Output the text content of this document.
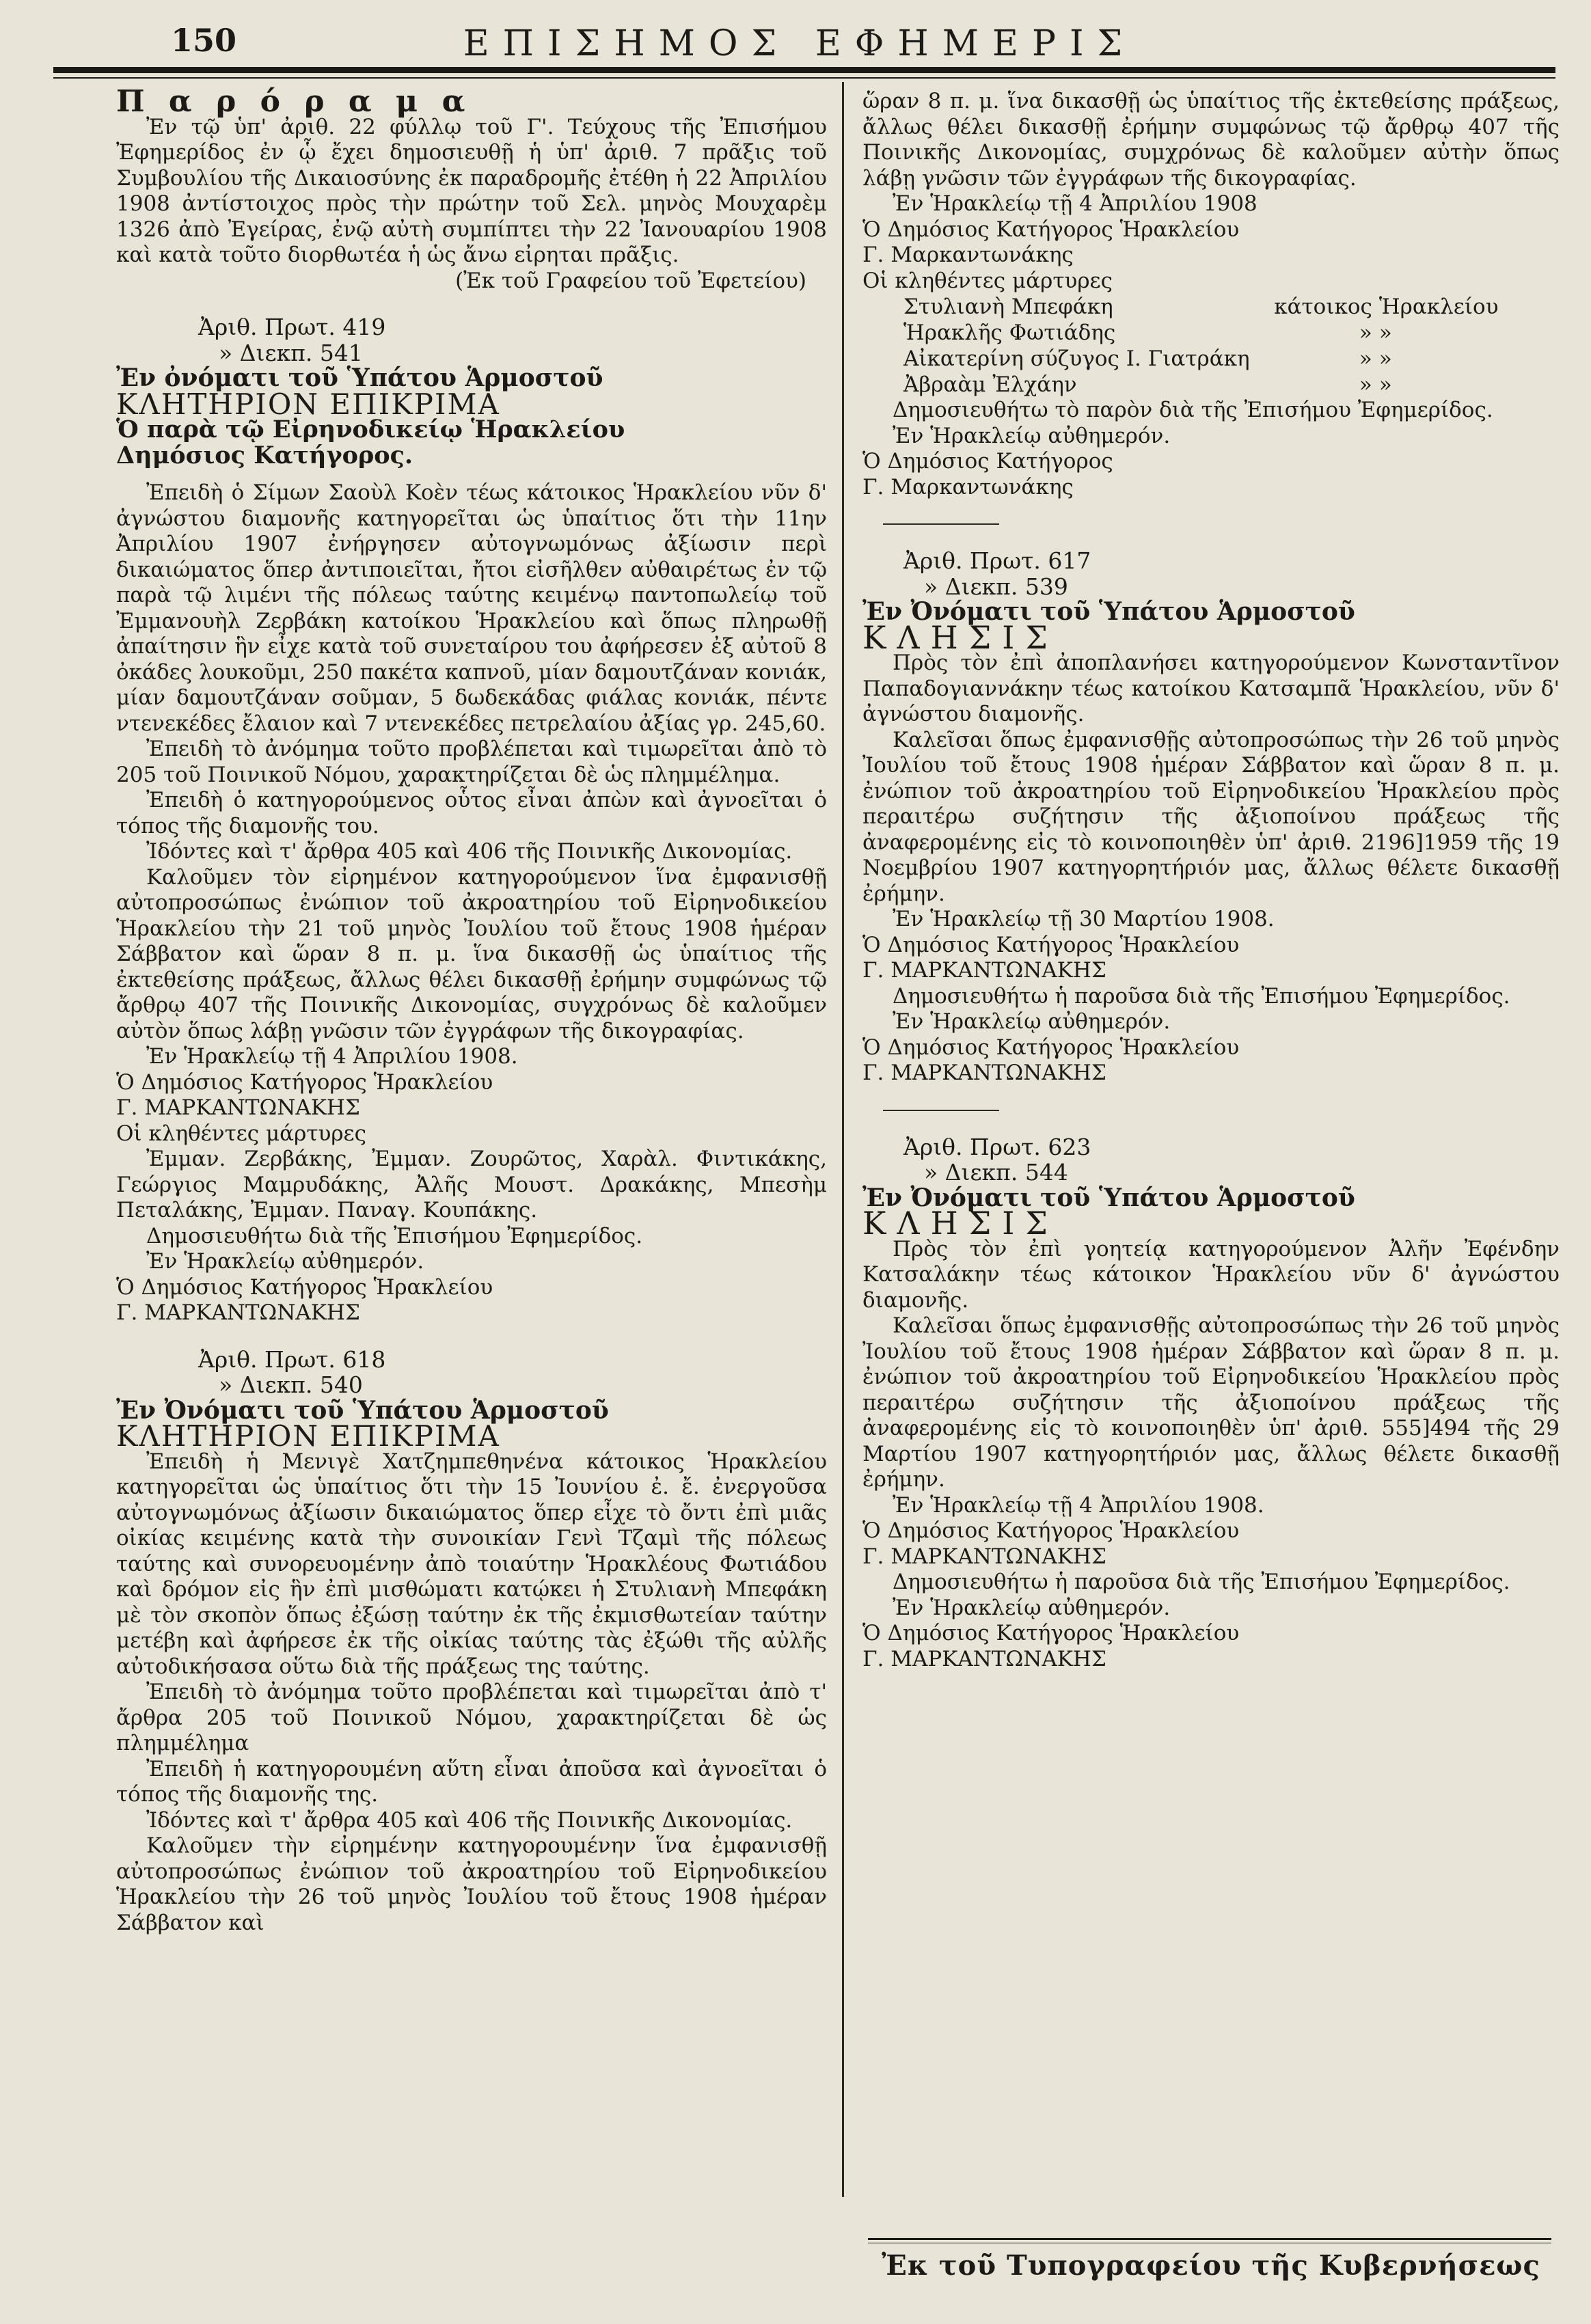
150	ΕΠΙΣΗΜΟΣ ΕΦΗΜΕΡΙΣ

Π α ρ ό ρ α μ α

Ἐν τῷ ὑπ' ἀριθ. 22 φύλλῳ τοῦ Γ'. Τεύχους τῆς Ἐπισήμου Ἐφημερίδος ἐν ᾧ ἔχει δημοσιευθῇ ἡ ὑπ' ἀριθ. 7 πρᾶξις τοῦ Συμβουλίου τῆς Δικαιοσύνης ἐκ παραδρομῆς ἐτέθη ἡ 22 Ἀπριλίου 1908 ἀντίστοιχος πρὸς τὴν πρώτην τοῦ Σελ. μηνὸς Μουχαρὲμ 1326 ἀπὸ Ἐγείρας, ἐνῷ αὐτὴ συμπίπτει τὴν 22 Ἰανουαρίου 1908 καὶ κατὰ τοῦτο διορθωτέα ἡ ὡς ἄνω εἰρηται πρᾶξις.

(Ἐκ τοῦ Γραφείου τοῦ Ἐφετείου)

Ἀριθ. Πρωτ. 419

» Διεκπ. 541

Ἐν ὀνόματι τοῦ Ὑπάτου Ἁρμοστοῦ

ΚΛΗΤΗΡΙΟΝ ΕΠΙΚΡΙΜΑ

Ὁ παρὰ τῷ Εἰρηνοδικείῳ Ἡρακλείου

Δημόσιος Κατήγορος.

Ἐπειδὴ ὁ Σίμων Σαοὺλ Κοὲν τέως κάτοικος Ἡρακλείου νῦν δ' ἀγνώστου διαμονῆς κατηγορεῖται ὡς ὑπαίτιος ὅτι τὴν 11ην Ἀπριλίου 1907 ἐνήργησεν αὐτογνωμόνως ἀξίωσιν περὶ δικαιώματος ὅπερ ἀντιποιεῖται, ἤτοι εἰσῆλθεν αὐθαιρέτως ἐν τῷ παρὰ τῷ λιμένι τῆς πόλεως ταύτης κειμένῳ παντοπωλείῳ τοῦ Ἐμμανουὴλ Ζερβάκη κατοίκου Ἡρακλείου καὶ ὅπως πληρωθῇ ἀπαίτησιν ἣν εἶχε κατὰ τοῦ συνεταίρου του ἀφήρεσεν ἐξ αὐτοῦ 8 ὀκάδες λουκοῦμι, 250 πακέτα καπνοῦ, μίαν δαμουτζάναν κονιάκ, μίαν δαμουτζάναν σοῦμαν, 5 δωδεκάδας φιάλας κονιάκ, πέντε ντενεκέδες ἔλαιον καὶ 7 ντενεκέδες πετρελαίου ἀξίας γρ. 245,60.

Ἐπειδὴ τὸ ἀνόμημα τοῦτο προβλέπεται καὶ τιμωρεῖται ἀπὸ τὸ 205 τοῦ Ποινικοῦ Νόμου, χαρακτηρίζεται δὲ ὡς πλημμέλημα.

Ἐπειδὴ ὁ κατηγορούμενος οὗτος εἶναι ἀπὼν καὶ ἀγνοεῖται ὁ τόπος τῆς διαμονῆς του.

Ἰδόντες καὶ τ' ἄρθρα 405 καὶ 406 τῆς Ποινικῆς Δικονομίας.

Καλοῦμεν τὸν εἰρημένον κατηγορούμενον ἵνα ἐμφανισθῇ αὐτοπροσώπως ἐνώπιον τοῦ ἀκροατηρίου τοῦ Εἰρηνοδικείου Ἡρακλείου τὴν 21 τοῦ μηνὸς Ἰουλίου τοῦ ἔτους 1908 ἡμέραν Σάββατον καὶ ὥραν 8 π. μ. ἵνα δικασθῇ ὡς ὑπαίτιος τῆς ἐκτεθείσης πράξεως, ἄλλως θέλει δικασθῇ ἐρήμην συμφώνως τῷ ἄρθρῳ 407 τῆς Ποινικῆς Δικονομίας, συγχρόνως δὲ καλοῦμεν αὐτὸν ὅπως λάβῃ γνῶσιν τῶν ἐγγράφων τῆς δικογραφίας.

Ἐν Ἡρακλείῳ τῇ 4 Ἀπριλίου 1908.

Ὁ Δημόσιος Κατήγορος Ἡρακλείου

Γ. ΜΑΡΚΑΝΤΩΝΑΚΗΣ

Οἱ κληθέντες μάρτυρες

Ἐμμαν. Ζερβάκης, Ἐμμαν. Ζουρῶτος, Χαρὰλ. Φιντικάκης, Γεώργιος Μαμρυδάκης, Ἀλῆς Μουστ. Δρακάκης, Μπεσὴμ Πεταλάκης, Ἐμμαν. Παναγ. Κουπάκης.

Δημοσιευθήτω διὰ τῆς Ἐπισήμου Ἐφημερίδος.

Ἐν Ἡρακλείῳ αὐθημερόν.

Ὁ Δημόσιος Κατήγορος Ἡρακλείου

Γ. ΜΑΡΚΑΝΤΩΝΑΚΗΣ

Ἀριθ. Πρωτ. 618

» Διεκπ. 540

Ἐν Ὀνόματι τοῦ Ὑπάτου Ἁρμοστοῦ

ΚΛΗΤΗΡΙΟΝ ΕΠΙΚΡΙΜΑ

Ἐπειδὴ ἡ Μενιγὲ Χατζημπεθηνένα κάτοικος Ἡρακλείου κατηγορεῖται ὡς ὑπαίτιος ὅτι τὴν 15 Ἰουνίου ἐ. ἔ. ἐνεργοῦσα αὐτογνωμόνως ἀξίωσιν δικαιώματος ὅπερ εἶχε τὸ ὄντι ἐπὶ μιᾶς οἰκίας κειμένης κατὰ τὴν συνοικίαν Γενὶ Τζαμὶ τῆς πόλεως ταύτης καὶ συνορευομένην ἀπὸ τοιαύτην Ἡρακλέους Φωτιάδου καὶ δρόμον εἰς ἣν ἐπὶ μισθώματι κατῴκει ἡ Στυλιανὴ Μπεφάκη μὲ τὸν σκοπὸν ὅπως ἐξώσῃ ταύτην ἐκ τῆς ἐκμισθωτείαν ταύτην μετέβη καὶ ἀφήρεσε ἐκ τῆς οἰκίας ταύτης τὰς ἐξώθι τῆς αὐλῆς αὐτοδικήσασα οὕτω διὰ τῆς πράξεως της ταύτης.

Ἐπειδὴ τὸ ἀνόμημα τοῦτο προβλέπεται καὶ τιμωρεῖται ἀπὸ τ' ἄρθρα 205 τοῦ Ποινικοῦ Νόμου, χαρακτηρίζεται δὲ ὡς πλημμέλημα

Ἐπειδὴ ἡ κατηγορουμένη αὕτη εἶναι ἀποῦσα καὶ ἀγνοεῖται ὁ τόπος τῆς διαμονῆς της.

Ἰδόντες καὶ τ' ἄρθρα 405 καὶ 406 τῆς Ποινικῆς Δικονομίας.

Καλοῦμεν τὴν εἰρημένην κατηγορουμένην ἵνα ἐμφανισθῇ αὐτοπροσώπως ἐνώπιον τοῦ ἀκροατηρίου τοῦ Εἰρηνοδικείου Ἡρακλείου τὴν 26 τοῦ μηνὸς Ἰουλίου τοῦ ἔτους 1908 ἡμέραν Σάββατον καὶ

ὥραν 8 π. μ. ἵνα δικασθῇ ὡς ὑπαίτιος τῆς ἐκτεθείσης πράξεως, ἄλλως θέλει δικασθῇ ἐρήμην συμφώνως τῷ ἄρθρῳ 407 τῆς Ποινικῆς Δικονομίας, συμχρόνως δὲ καλοῦμεν αὐτὴν ὅπως λάβῃ γνῶσιν τῶν ἐγγράφων τῆς δικογραφίας.

Ἐν Ἡρακλείῳ τῇ 4 Ἀπριλίου 1908

Ὁ Δημόσιος Κατήγορος Ἡρακλείου

Γ. Μαρκαντωνάκης

Οἱ κληθέντες μάρτυρες

Στυλιανὴ Μπεφάκη	κάτοικος	Ἡρακλείου
Ἡρακλῆς Φωτιάδης	»	»
Αἰκατερίνη σύζυγος Ι. Γιατράκη	»	»
Ἀβραὰμ Ἐλχάην	»	»

Δημοσιευθήτω τὸ παρὸν διὰ τῆς Ἐπισήμου Ἐφημερίδος.

Ἐν Ἡρακλείῳ αὐθημερόν.

Ὁ Δημόσιος Κατήγορος

Γ. Μαρκαντωνάκης

Ἀριθ. Πρωτ. 617

» Διεκπ. 539

Ἐν Ὀνόματι τοῦ Ὑπάτου Ἁρμοστοῦ

ΚΛΗΣΙΣ

Πρὸς τὸν ἐπὶ ἀποπλανήσει κατηγορούμενον Κωνσταντῖνον Παπαδογιαννάκην τέως κατοίκου Κατσαμπᾶ Ἡρακλείου, νῦν δ' ἀγνώστου διαμονῆς.

Καλεῖσαι ὅπως ἐμφανισθῇς αὐτοπροσώπως τὴν 26 τοῦ μηνὸς Ἰουλίου τοῦ ἔτους 1908 ἡμέραν Σάββατον καὶ ὥραν 8 π. μ. ἐνώπιον τοῦ ἀκροατηρίου τοῦ Εἰρηνοδικείου Ἡρακλείου πρὸς περαιτέρω συζήτησιν τῆς ἀξιοποίνου πράξεως τῆς ἀναφερομένης εἰς τὸ κοινοποιηθὲν ὑπ' ἀριθ. 2196]1959 τῆς 19 Νοεμβρίου 1907 κατηγορητήριόν μας, ἄλλως θέλετε δικασθῇ ἐρήμην.

Ἐν Ἡρακλείῳ τῇ 30 Μαρτίου 1908.

Ὁ Δημόσιος Κατήγορος Ἡρακλείου

Γ. ΜΑΡΚΑΝΤΩΝΑΚΗΣ

Δημοσιευθήτω ἡ παροῦσα διὰ τῆς Ἐπισήμου Ἐφημερίδος.

Ἐν Ἡρακλείῳ αὐθημερόν.

Ὁ Δημόσιος Κατήγορος Ἡρακλείου

Γ. ΜΑΡΚΑΝΤΩΝΑΚΗΣ

Ἀριθ. Πρωτ. 623

» Διεκπ. 544

Ἐν Ὀνόματι τοῦ Ὑπάτου Ἁρμοστοῦ

ΚΛΗΣΙΣ

Πρὸς τὸν ἐπὶ γοητείᾳ κατηγορούμενον Ἀλῆν Ἐφένδην Κατσαλάκην τέως κάτοικον Ἡρακλείου νῦν δ' ἀγνώστου διαμονῆς.

Καλεῖσαι ὅπως ἐμφανισθῇς αὐτοπροσώπως τὴν 26 τοῦ μηνὸς Ἰουλίου τοῦ ἔτους 1908 ἡμέραν Σάββατον καὶ ὥραν 8 π. μ. ἐνώπιον τοῦ ἀκροατηρίου τοῦ Εἰρηνοδικείου Ἡρακλείου πρὸς περαιτέρω συζήτησιν τῆς ἀξιοποίνου πράξεως τῆς ἀναφερομένης εἰς τὸ κοινοποιηθὲν ὑπ' ἀριθ. 555]494 τῆς 29 Μαρτίου 1907 κατηγορητήριόν μας, ἄλλως θέλετε δικασθῇ ἐρήμην.

Ἐν Ἡρακλείῳ τῇ 4 Ἀπριλίου 1908.

Ὁ Δημόσιος Κατήγορος Ἡρακλείου

Γ. ΜΑΡΚΑΝΤΩΝΑΚΗΣ

Δημοσιευθήτω ἡ παροῦσα διὰ τῆς Ἐπισήμου Ἐφημερίδος.

Ἐν Ἡρακλείῳ αὐθημερόν.

Ὁ Δημόσιος Κατήγορος Ἡρακλείου

Γ. ΜΑΡΚΑΝΤΩΝΑΚΗΣ

Ἐκ τοῦ Τυπογραφείου τῆς Κυβερνήσεως
